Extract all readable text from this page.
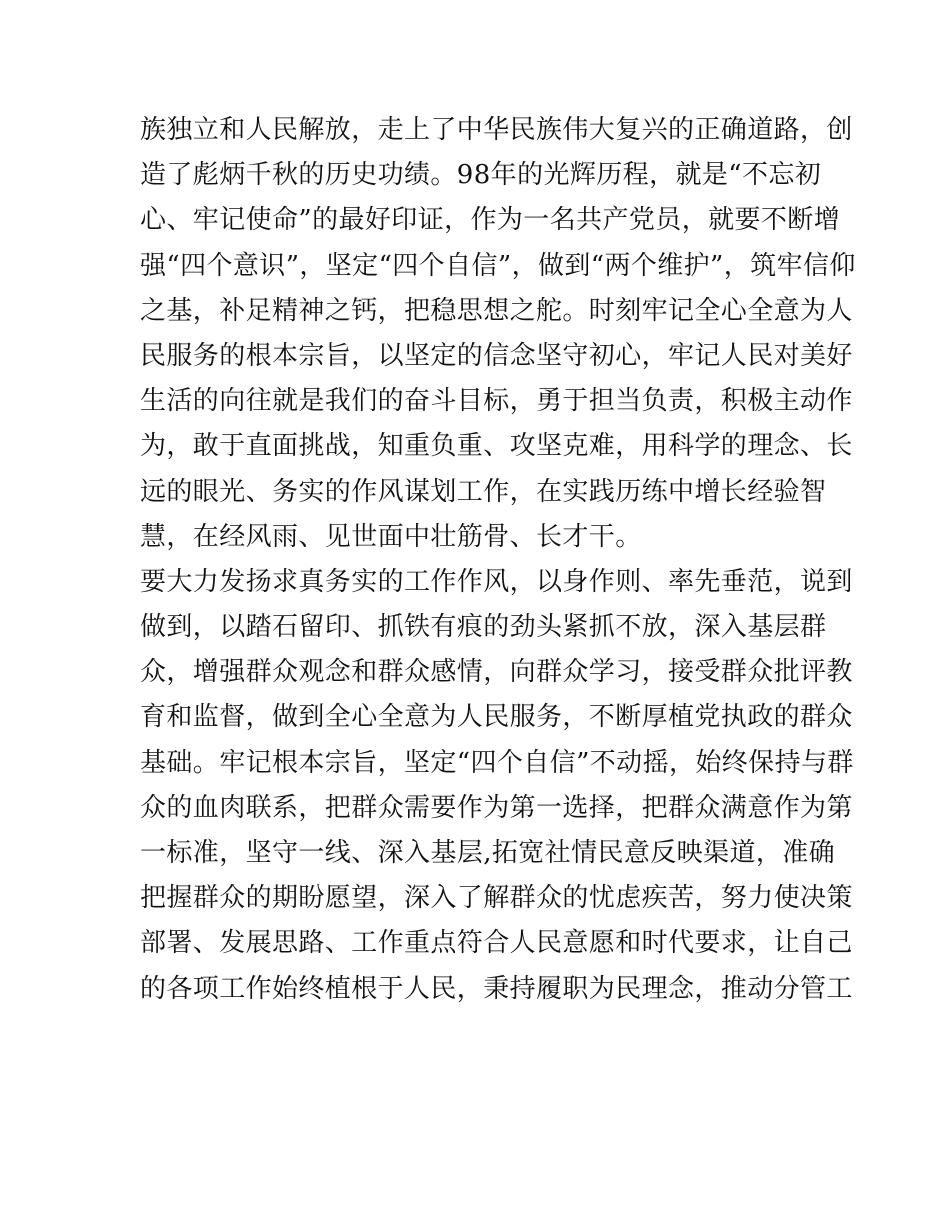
族独立和人民解放，走上了中华民族伟大复兴的正确道路，创
造了彪炳千秋的历史功绩。98年的光辉历程，就是“不忘初
心、牢记使命”的最好印证，作为一名共产党员，就要不断增
强“四个意识”，坚定“四个自信”，做到“两个维护”，筑牢信仰
之基，补足精神之钙，把稳思想之舵。时刻牢记全心全意为人
民服务的根本宗旨，以坚定的信念坚守初心，牢记人民对美好
生活的向往就是我们的奋斗目标，勇于担当负责，积极主动作
为，敢于直面挑战，知重负重、攻坚克难，用科学的理念、长
远的眼光、务实的作风谋划工作，在实践历练中增长经验智
慧，在经风雨、见世面中壮筋骨、长才干。
要大力发扬求真务实的工作作风，以身作则、率先垂范，说到
做到，以踏石留印、抓铁有痕的劲头紧抓不放，深入基层群
众，增强群众观念和群众感情，向群众学习，接受群众批评教
育和监督，做到全心全意为人民服务，不断厚植党执政的群众
基础。牢记根本宗旨，坚定“四个自信”不动摇，始终保持与群
众的血肉联系，把群众需要作为第一选择，把群众满意作为第
一标准，坚守一线、深入基层,拓宽社情民意反映渠道，准确
把握群众的期盼愿望，深入了解群众的忧虑疾苦，努力使决策
部署、发展思路、工作重点符合人民意愿和时代要求，让自己
的各项工作始终植根于人民，秉持履职为民理念，推动分管工
